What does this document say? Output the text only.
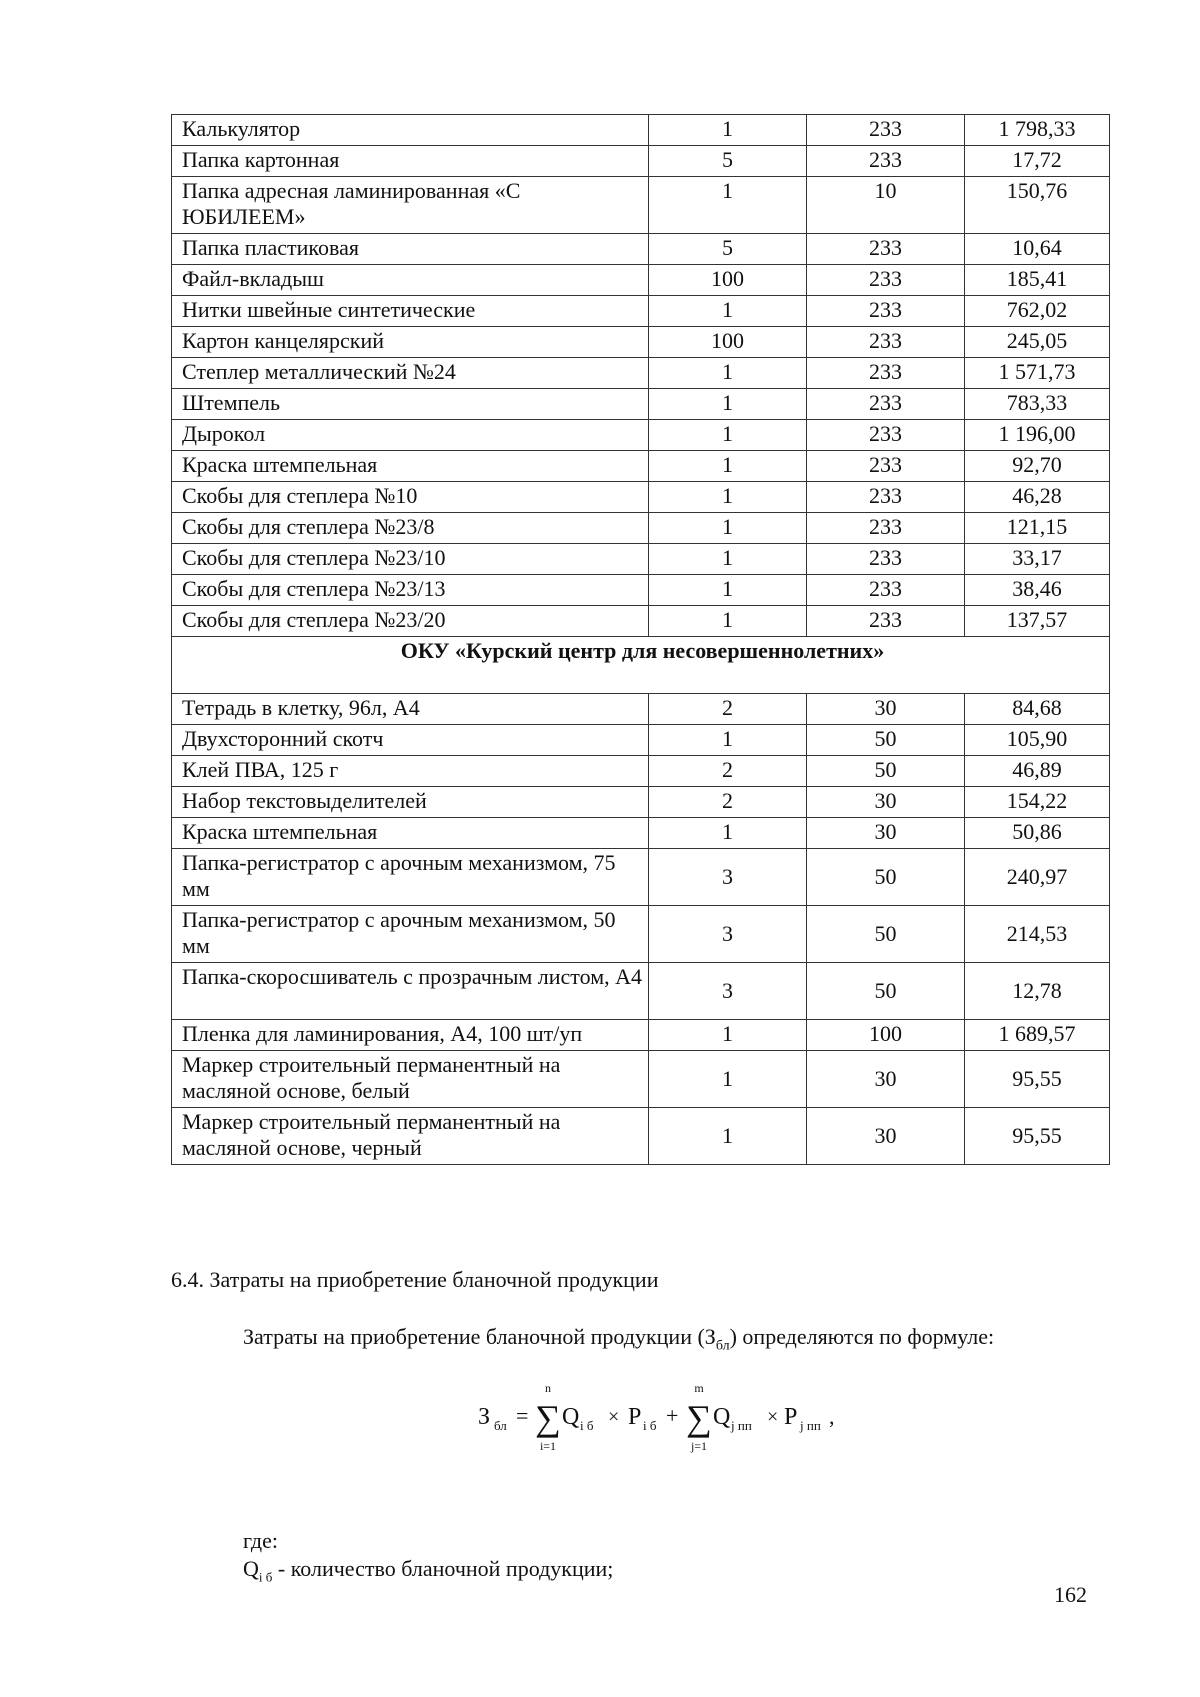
Калькулятор	1	233	1 798,33
Папка картонная	5	233	17,72
Папка адресная ламинированная «С ЮБИЛЕЕМ»	1	10	150,76
Папка пластиковая	5	233	10,64
Файл-вкладыш	100	233	185,41
Нитки швейные синтетические	1	233	762,02
Картон канцелярский	100	233	245,05
Степлер металлический №24	1	233	1 571,73
Штемпель	1	233	783,33
Дырокол	1	233	1 196,00
Краска штемпельная	1	233	92,70
Скобы для степлера №10	1	233	46,28
Скобы для степлера №23/8	1	233	121,15
Скобы для степлера №23/10	1	233	33,17
Скобы для степлера №23/13	1	233	38,46
Скобы для степлера №23/20	1	233	137,57
ОКУ «Курский центр для несовершеннолетних»			
Тетрадь в клетку, 96л, А4	2	30	84,68
Двухсторонний скотч	1	50	105,90
Клей ПВА, 125 г	2	50	46,89
Набор текстовыделителей	2	30	154,22
Краска штемпельная	1	30	50,86
Папка-регистратор с арочным механизмом, 75 мм	3	50	240,97
Папка-регистратор с арочным механизмом, 50 мм	3	50	214,53
Папка-скоросшиватель с прозрачным листом, А4	3	50	12,78
Пленка для ламинирования, А4, 100 шт/уп	1	100	1 689,57
Маркер строительный перманентный на масляной основе, белый	1	30	95,55
Маркер строительный перманентный на масляной основе, черный	1	30	95,55
6.4. Затраты на приобретение бланочной продукции
Затраты на приобретение бланочной продукции $(З_{бл})$ определяются по формуле:
З бл =
n
∑
i=1
Q i б × P i б +
m
∑
j=1
Q j пп × P j пп ,
где:
$Q_{i б}$ - количество бланочной продукции;
162
